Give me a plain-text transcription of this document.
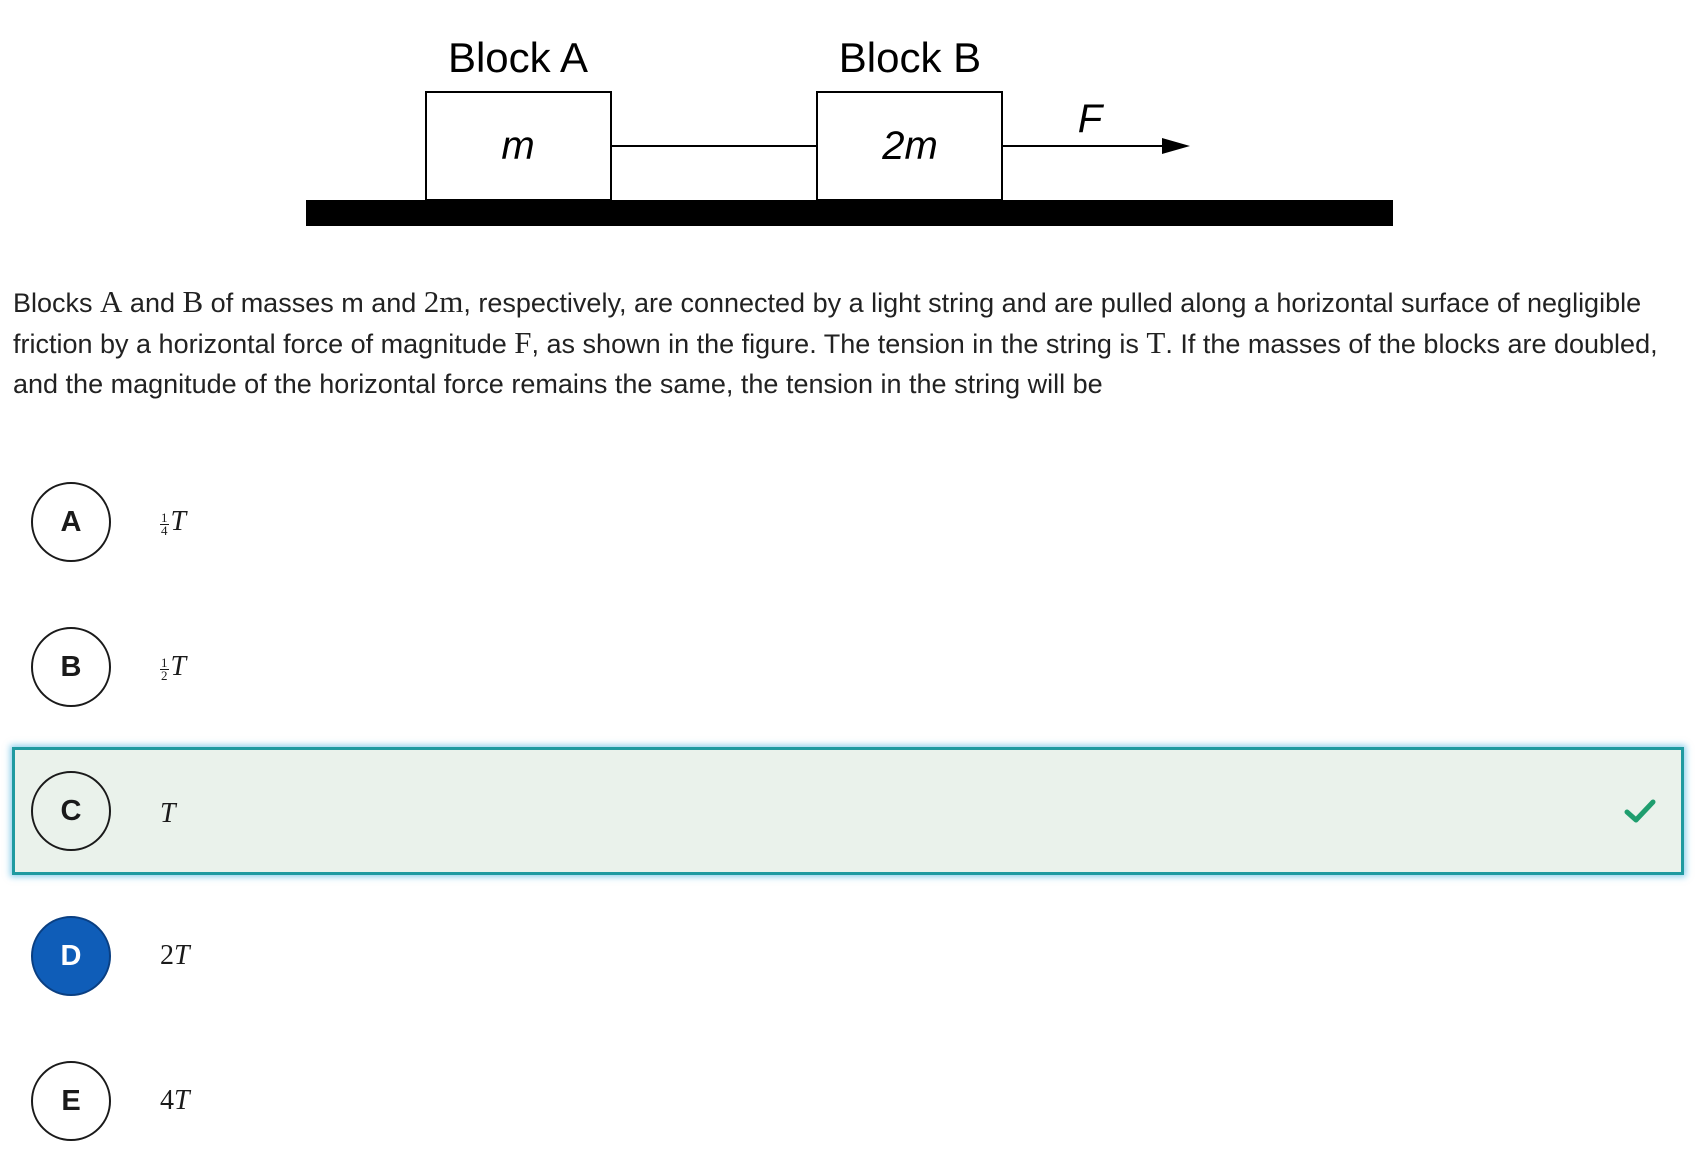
Block A	Block B
m	2m
F
Blocks A and B of masses m and 2m, respectively, are connected by a light string and are pulled along a horizontal surface of negligible friction by a horizontal force of magnitude F, as shown in the figure. The tension in the string is T. If the masses of the blocks are doubled, and the magnitude of the horizontal force remains the same, the tension in the string will be
A	$\frac{1}{4}$ T
B	$\frac{1}{2}$ T
C	T
D	2 T
E	4 T
